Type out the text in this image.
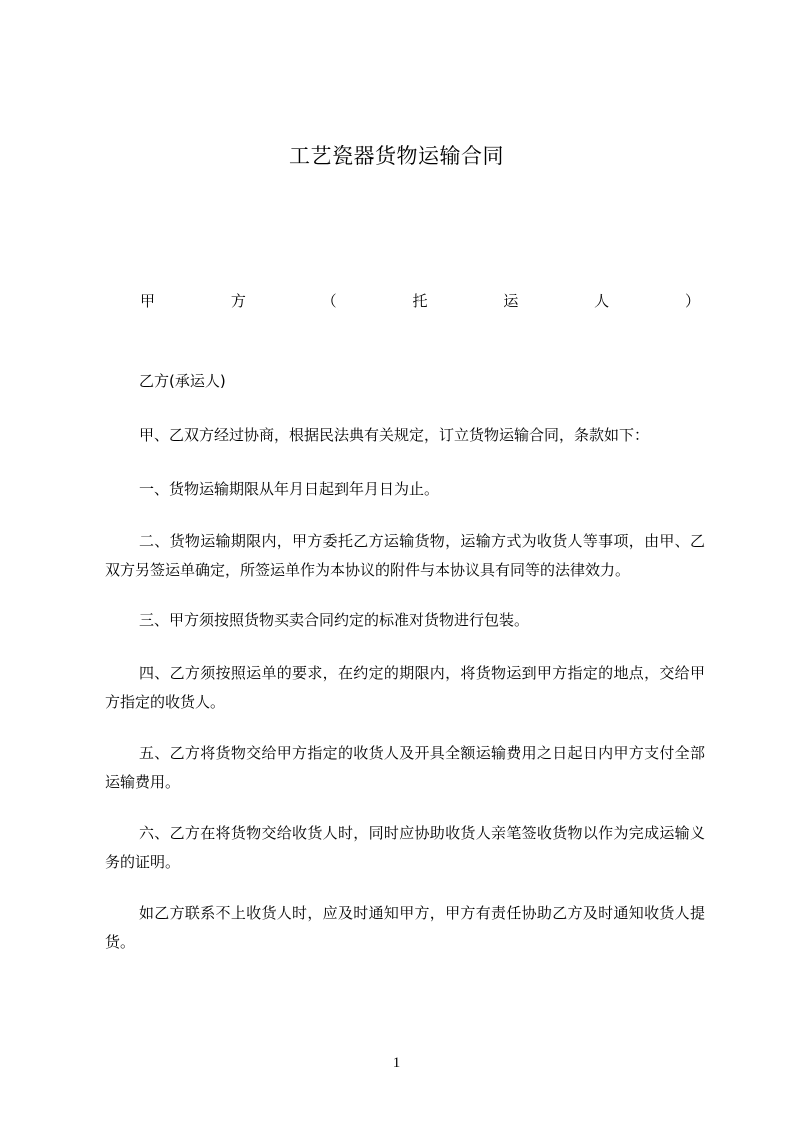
工艺瓷器货物运输合同
甲	方	（	托	运	人	）

乙方(承运人)

甲、乙双方经过协商，根据民法典有关规定，订立货物运输合同，条款如下：

一、货物运输期限从年月日起到年月日为止。

二、货物运输期限内，甲方委托乙方运输货物，运输方式为收货人等事项，由甲、乙双方另签运单确定，所签运单作为本协议的附件与本协议具有同等的法律效力。

三、甲方须按照货物买卖合同约定的标准对货物进行包装。

四、乙方须按照运单的要求，在约定的期限内，将货物运到甲方指定的地点，交给甲方指定的收货人。

五、乙方将货物交给甲方指定的收货人及开具全额运输费用之日起日内甲方支付全部运输费用。

六、乙方在将货物交给收货人时，同时应协助收货人亲笔签收货物以作为完成运输义务的证明。

如乙方联系不上收货人时，应及时通知甲方，甲方有责任协助乙方及时通知收货人提货。

1
